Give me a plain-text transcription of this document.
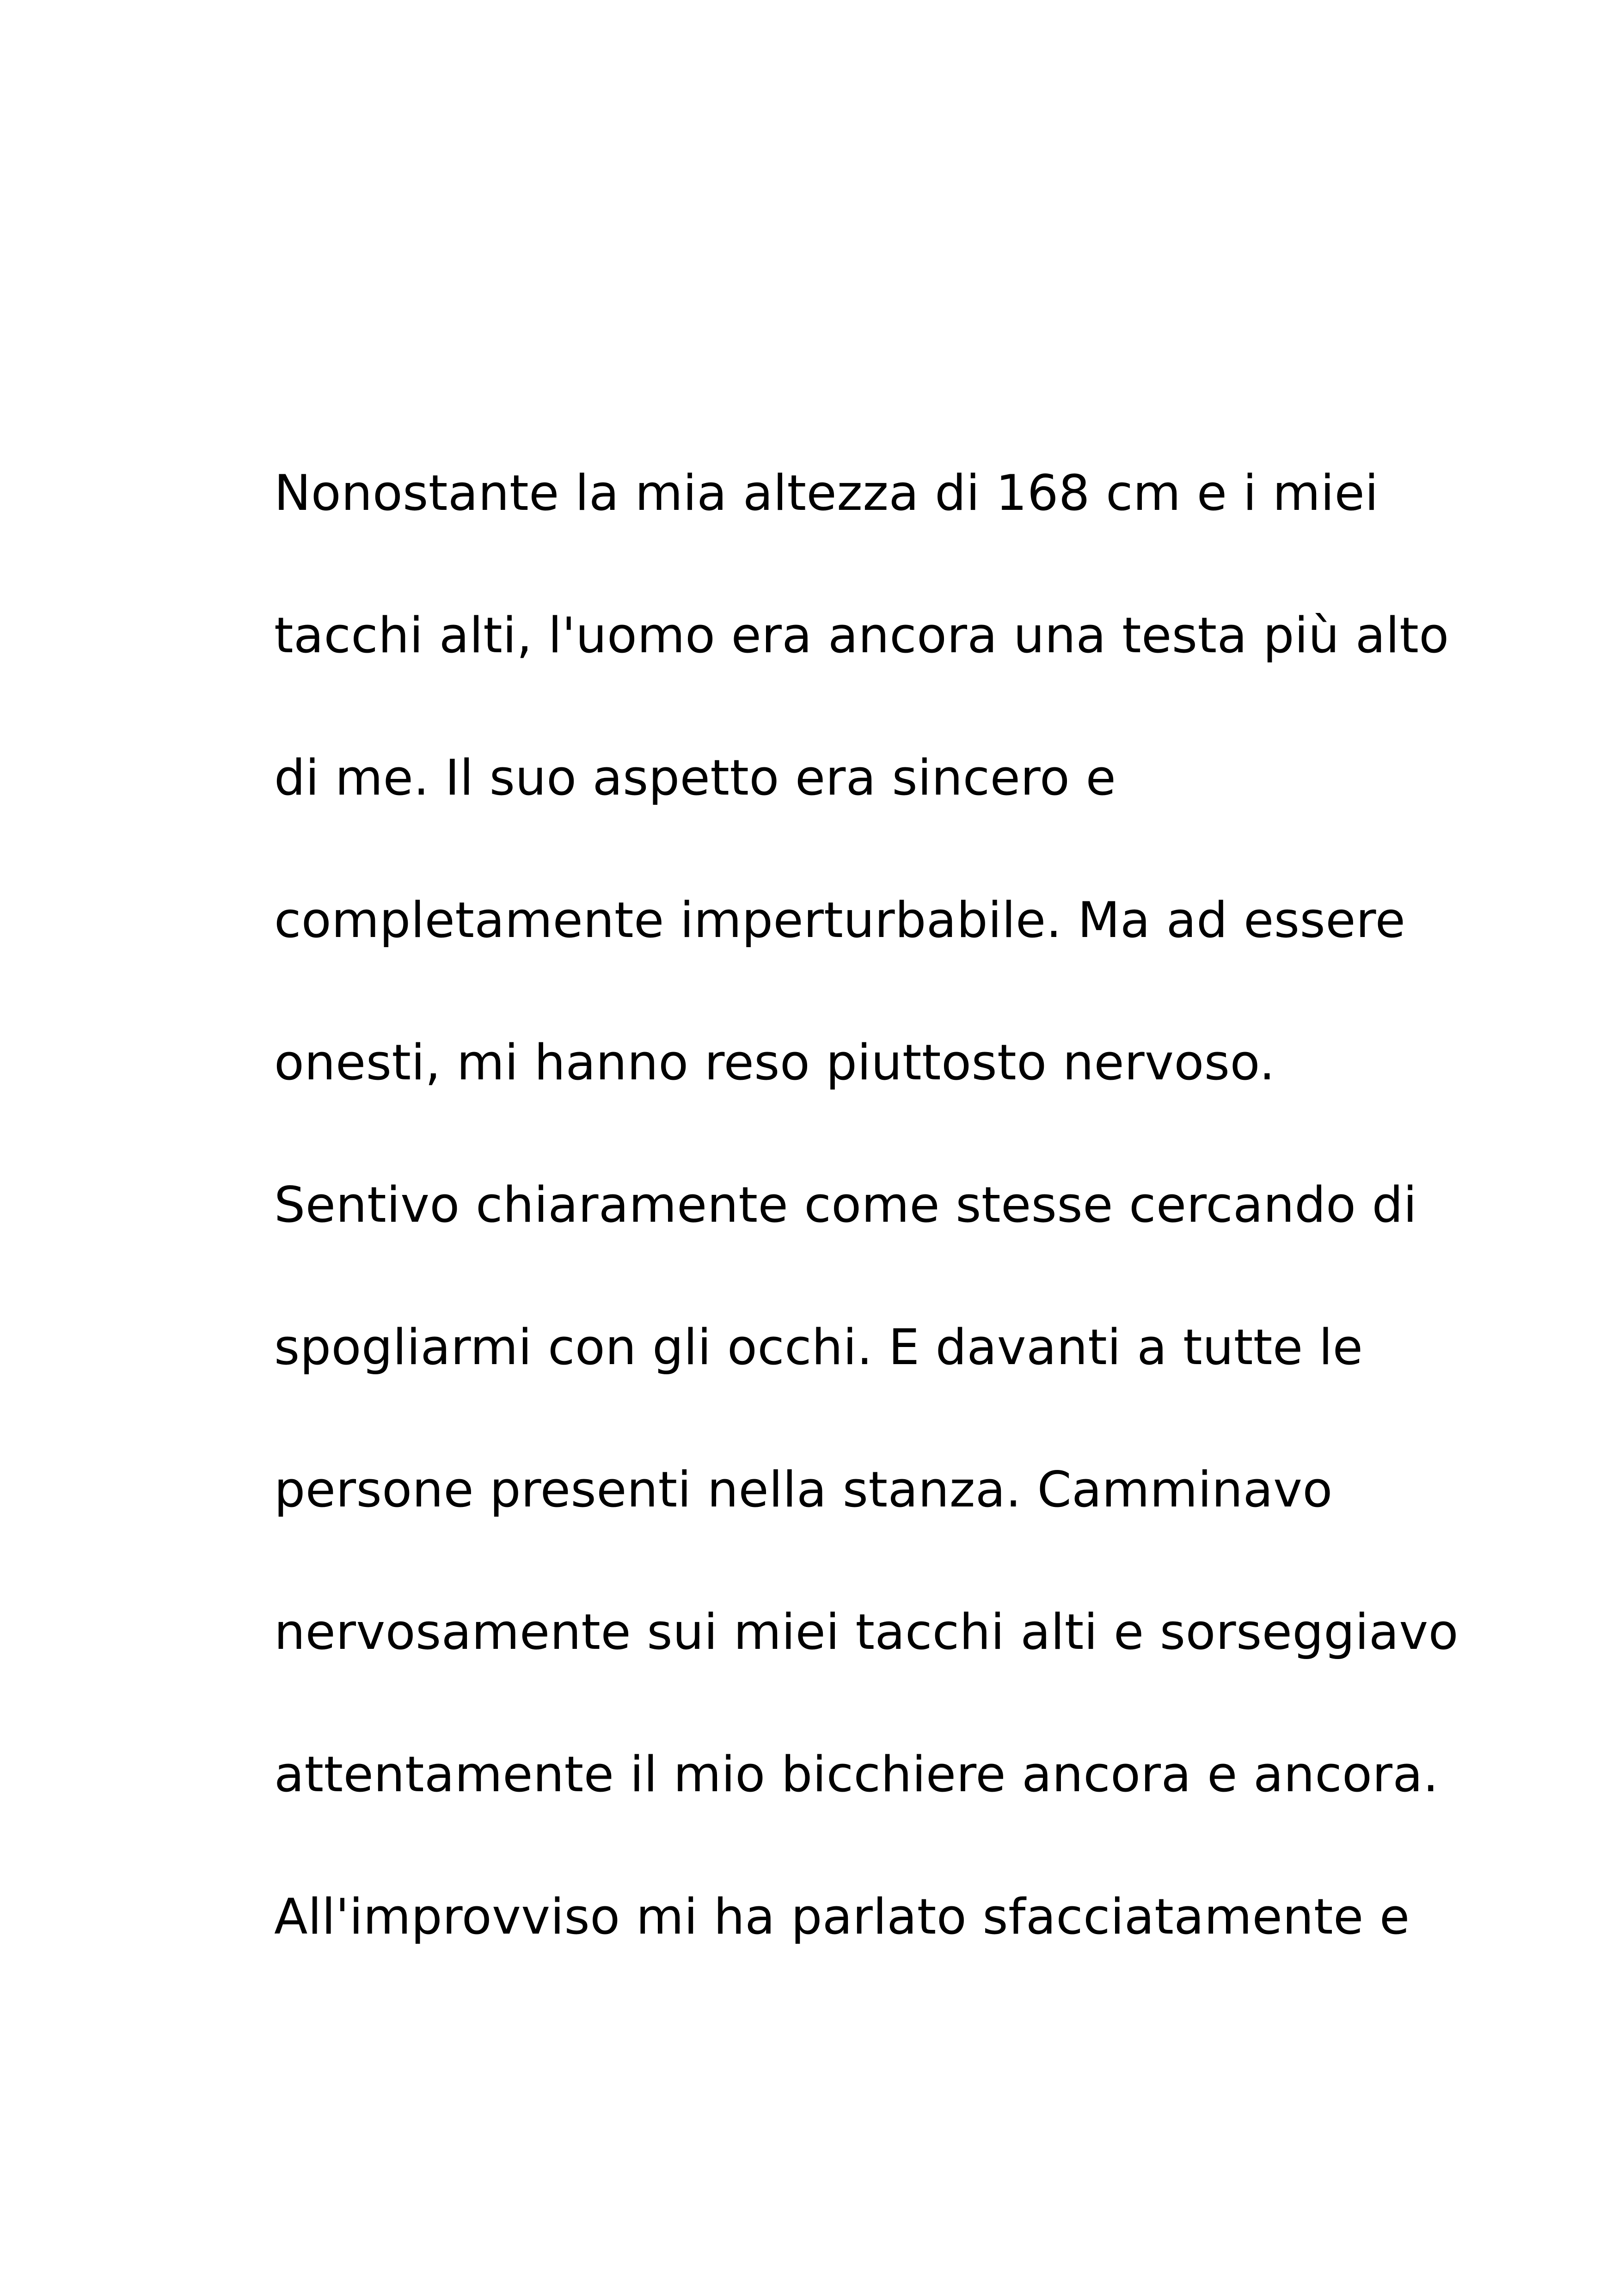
Nonostante la mia altezza di 168 cm e i miei
tacchi alti, l'uomo era ancora una testa più alto
di me. Il suo aspetto era sincero e
completamente imperturbabile. Ma ad essere
onesti, mi hanno reso piuttosto nervoso.
Sentivo chiaramente come stesse cercando di
spogliarmi con gli occhi. E davanti a tutte le
persone presenti nella stanza. Camminavo
nervosamente sui miei tacchi alti e sorseggiavo
attentamente il mio bicchiere ancora e ancora.
All'improvviso mi ha parlato sfacciatamente e
